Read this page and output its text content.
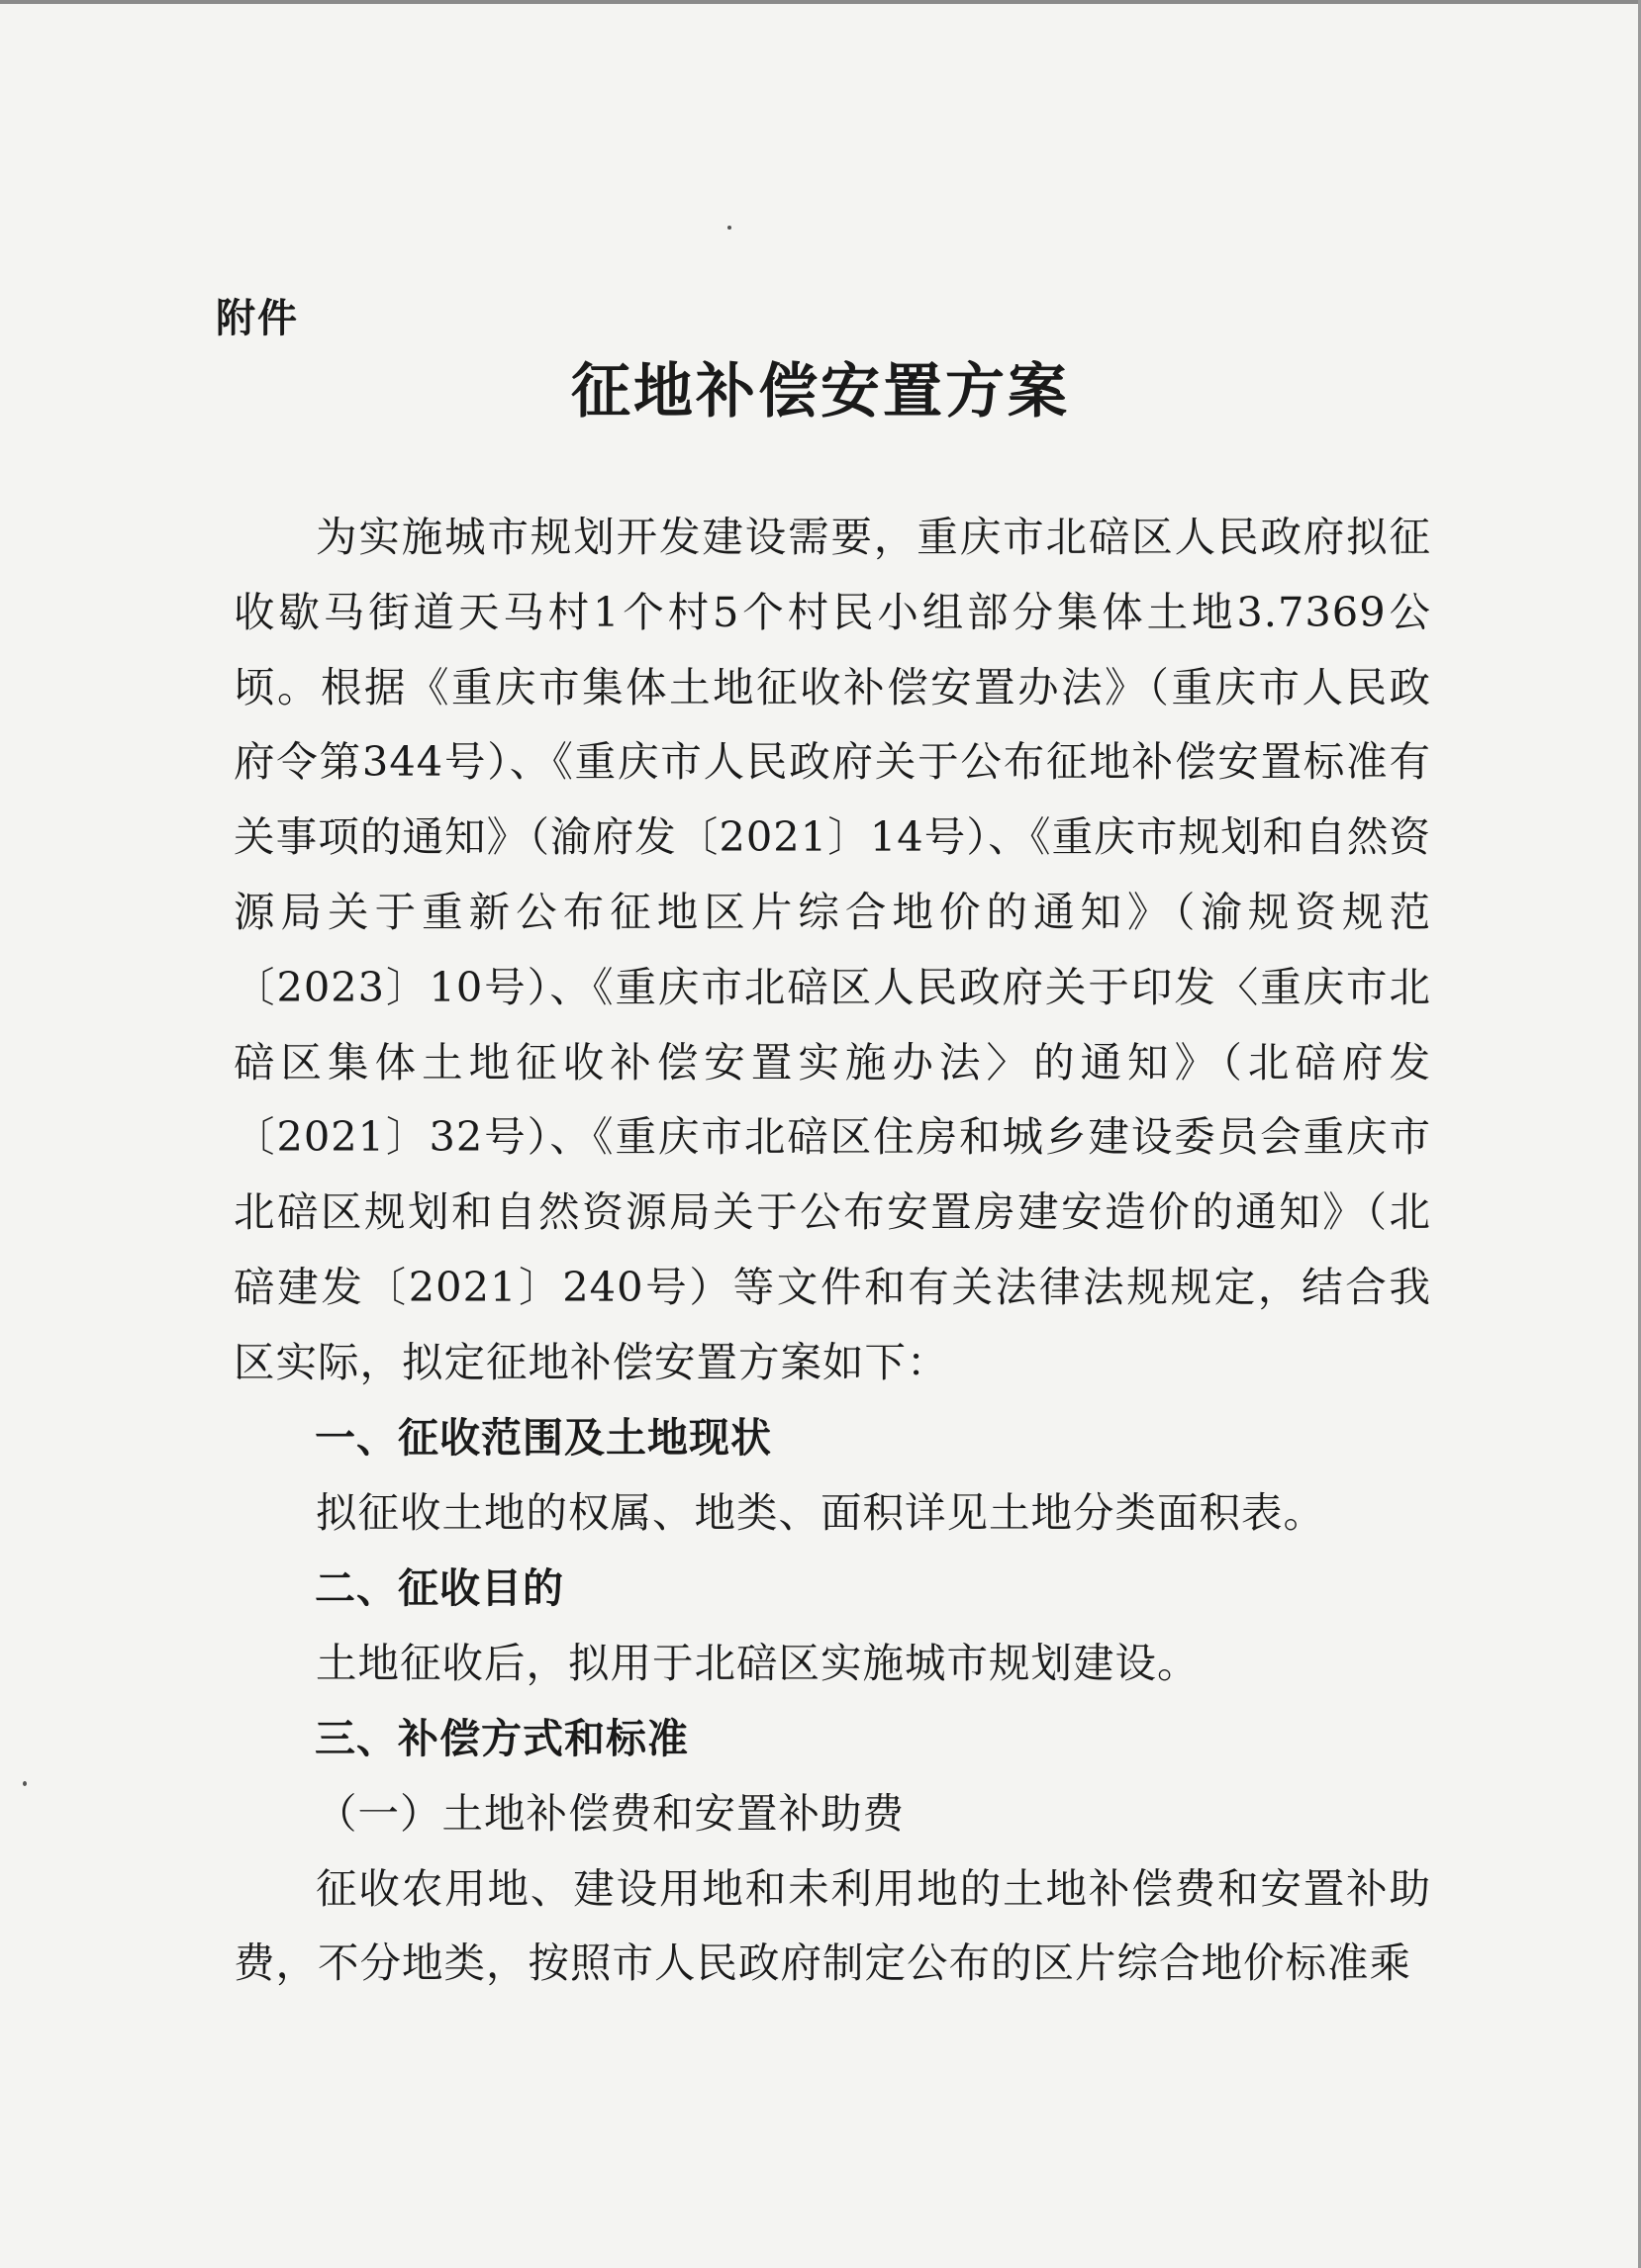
附件
征地补偿安置方案

为实施城市规划开发建设需要，重庆市北碚区人民政府拟征收歇马街道天马村1个村5个村民小组部分集体土地3.7369公顷。根据《重庆市集体土地征收补偿安置办法》（重庆市人民政府令第344号）、《重庆市人民政府关于公布征地补偿安置标准有关事项的通知》（渝府发〔2021〕14号）、《重庆市规划和自然资源局关于重新公布征地区片综合地价的通知》（渝规资规范〔2023〕10号）、《重庆市北碚区人民政府关于印发〈重庆市北碚区集体土地征收补偿安置实施办法〉的通知》（北碚府发〔2021〕32号）、《重庆市北碚区住房和城乡建设委员会重庆市北碚区规划和自然资源局关于公布安置房建安造价的通知》（北碚建发〔2021〕240号）等文件和有关法律法规规定，结合我区实际，拟定征地补偿安置方案如下：

一、征收范围及土地现状

拟征收土地的权属、地类、面积详见土地分类面积表。

二、征收目的

土地征收后，拟用于北碚区实施城市规划建设。

三、补偿方式和标准

（一）土地补偿费和安置补助费

征收农用地、建设用地和未利用地的土地补偿费和安置补助费，不分地类，按照市人民政府制定公布的区片综合地价标准乘
